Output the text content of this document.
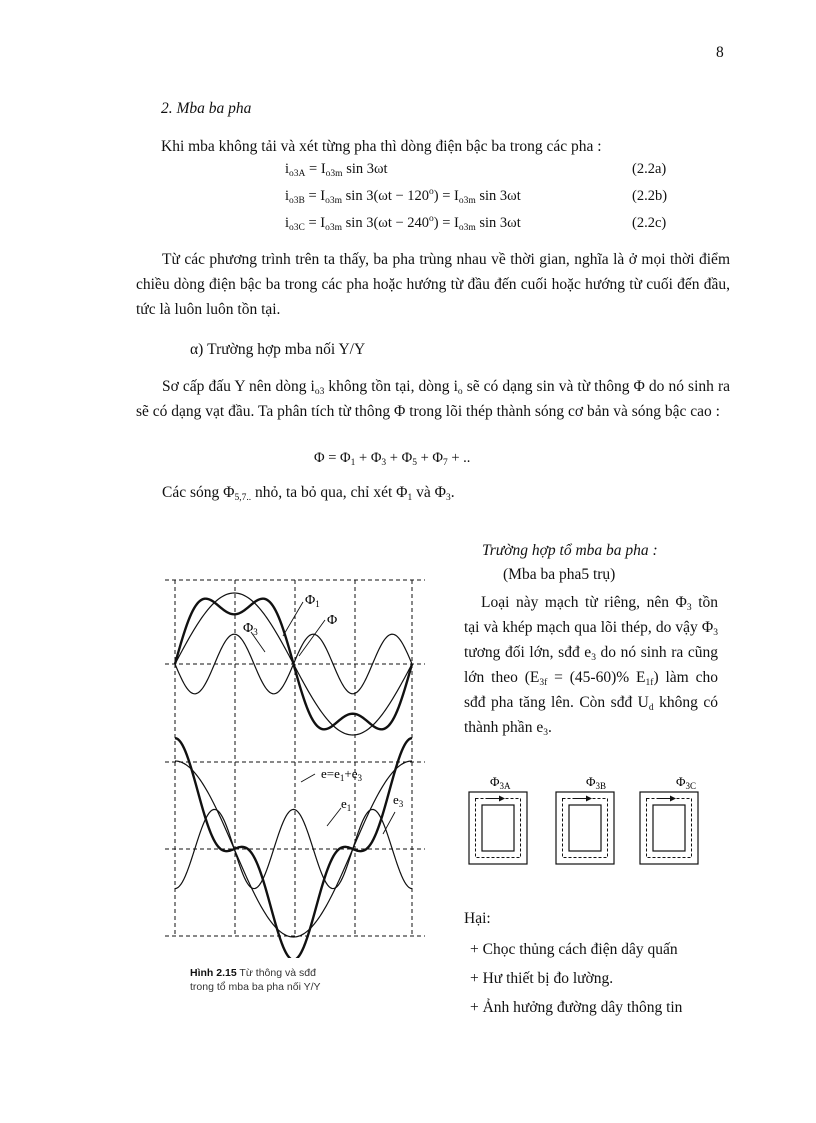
8
2. Mba ba pha
Khi mba không tải và xét từng pha thì dòng điện bậc ba trong các pha :
$i_{o3A} = I_{o3m}$ sin 3ωt	(2.2a)
$i_{o3B} = I_{o3m}$ $\sin 3(\omega t - 120^o) = I_{o3m}$ sin 3ωt	(2.2b)
$i_{o3C} = I_{o3m}$ $\sin 3(\omega t - 240^o) = I_{o3m}$ sin 3ωt	(2.2c)
Từ các phương trình trên ta thấy, ba pha trùng nhau về thời gian, nghĩa là ở mọi thời điểm chiều dòng điện bậc ba trong các pha hoặc hướng từ đầu đến cuối hoặc hướng từ cuối đến đầu, tức là luôn luôn tồn tại.
α) Trường hợp mba nối Y/Y
Sơ cấp đấu Y nên dòng $i_{o3}$ không tồn tại, dòng $i_o$ sẽ có dạng sin và từ thông Φ do nó sinh ra sẽ có dạng vạt đầu. Ta phân tích từ thông Φ trong lõi thép thành sóng cơ bản và sóng bậc cao :
$\Phi = \Phi_1 + \Phi_3 + \Phi_5 + \Phi_7$ + ..
Các sóng $\Phi_{5,7..}$ nhỏ, ta bỏ qua, chỉ xét $\Phi_1$ và $\Phi_3$.
Trường hợp tổ mba ba pha :
(Mba ba pha5 trụ)
Loại này mạch từ riêng, nên $\Phi_3$ tồn tại và khép mạch qua lõi thép, do vậy $\Phi_3$ tương đối lớn, sđđ $e_3$ do nó sinh ra cũng lớn theo ($E_{3f} = (45-60)\%$ $E_{1f}$) làm cho sđđ pha tăng lên. Còn sđđ $U_d$ không có thành phần $e_3$.
$\Phi_{3A}$	$\Phi_{3B}$	$\Phi_{3C}$
Hại:
+ Chọc thủng cách điện dây quấn
+ Hư thiết bị đo lường.
+ Ảnh hưởng đường dây thông tin
$\Phi_1$
$\Phi_3$
Φ
$e=e_1+e_3$
$e_1$
$e_3$
Hình 2.15 Từ thông và sđđ
trong tổ mba ba pha nối Y/Y
